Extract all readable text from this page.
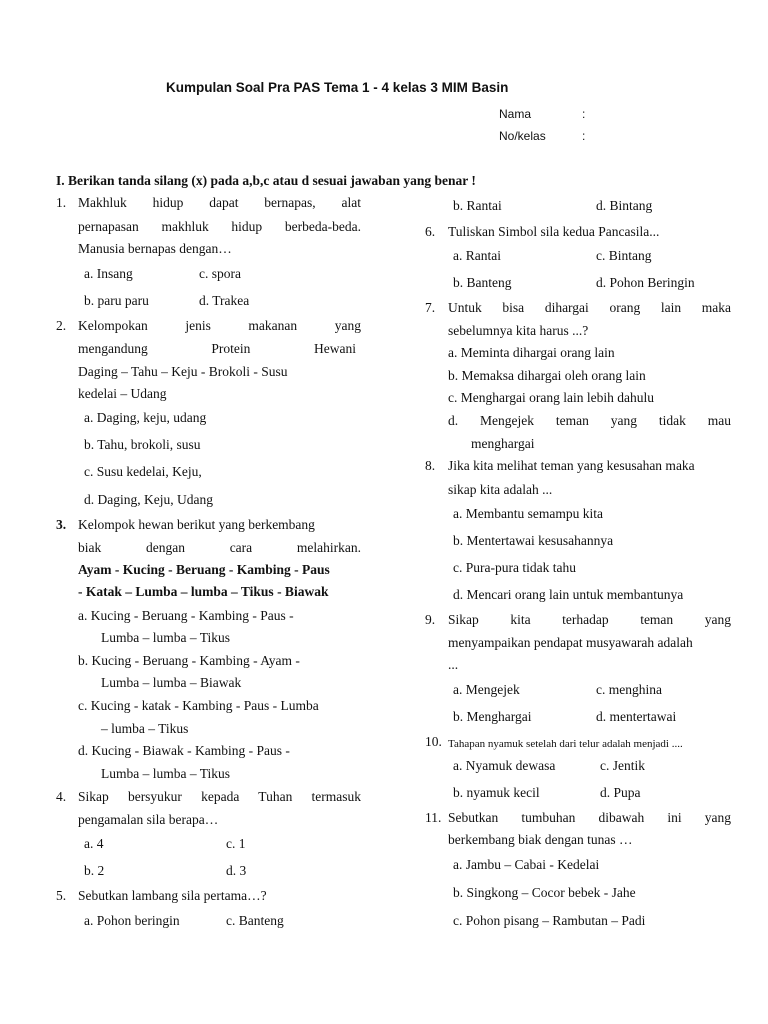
Kumpulan Soal Pra PAS Tema 1 - 4 kelas 3 MIM Basin
Nama	:
No/kelas	:
I. Berikan tanda silang (x) pada a,b,c atau d sesuai jawaban yang benar !
1. Makhluk hidup dapat bernapas, alat
pernapasan makhluk hidup berbeda-beda.
Manusia bernapas dengan…
a. Insang	c. spora
b. paru paru	d. Trakea
2. Kelompokan jenis makanan yang
mengandung Protein Hewani
Daging – Tahu – Keju - Brokoli - Susu
kedelai – Udang
a. Daging, keju, udang
b. Tahu, brokoli, susu
c. Susu kedelai, Keju,
d. Daging, Keju, Udang
3. Kelompok hewan berikut yang berkembang
biak dengan cara melahirkan.
Ayam - Kucing - Beruang - Kambing - Paus
- Katak – Lumba – lumba – Tikus - Biawak
a. Kucing - Beruang - Kambing - Paus -
Lumba – lumba – Tikus
b. Kucing - Beruang - Kambing - Ayam -
Lumba – lumba – Biawak
c. Kucing - katak - Kambing - Paus - Lumba
– lumba – Tikus
d. Kucing - Biawak - Kambing - Paus -
Lumba – lumba – Tikus
4. Sikap bersyukur kepada Tuhan termasuk
pengamalan sila berapa…
a. 4	c. 1
b. 2	d. 3
5. Sebutkan lambang sila pertama…?
a. Pohon beringin	c. Banteng
b. Rantai	d. Bintang
6. Tuliskan Simbol sila kedua Pancasila...
a. Rantai	c. Bintang
b. Banteng	d. Pohon Beringin
7. Untuk bisa dihargai orang lain maka
sebelumnya kita harus ...?
a. Meminta dihargai orang lain
b. Memaksa dihargai oleh orang lain
c. Menghargai orang lain lebih dahulu
d. Mengejek teman yang tidak mau
menghargai
8. Jika kita melihat teman yang kesusahan maka
sikap kita adalah ...
a. Membantu semampu kita
b. Mentertawai kesusahannya
c. Pura-pura tidak tahu
d. Mencari orang lain untuk membantunya
9. Sikap kita terhadap teman yang
menyampaikan pendapat musyawarah adalah
...
a. Mengejek	c. menghina
b. Menghargai	d. mentertawai
10. Tahapan nyamuk setelah dari telur adalah menjadi ....
a. Nyamuk dewasa	c. Jentik
b. nyamuk kecil	d. Pupa
11. Sebutkan tumbuhan dibawah ini yang
berkembang biak dengan tunas …
a. Jambu – Cabai - Kedelai
b. Singkong – Cocor bebek - Jahe
c. Pohon pisang – Rambutan – Padi
